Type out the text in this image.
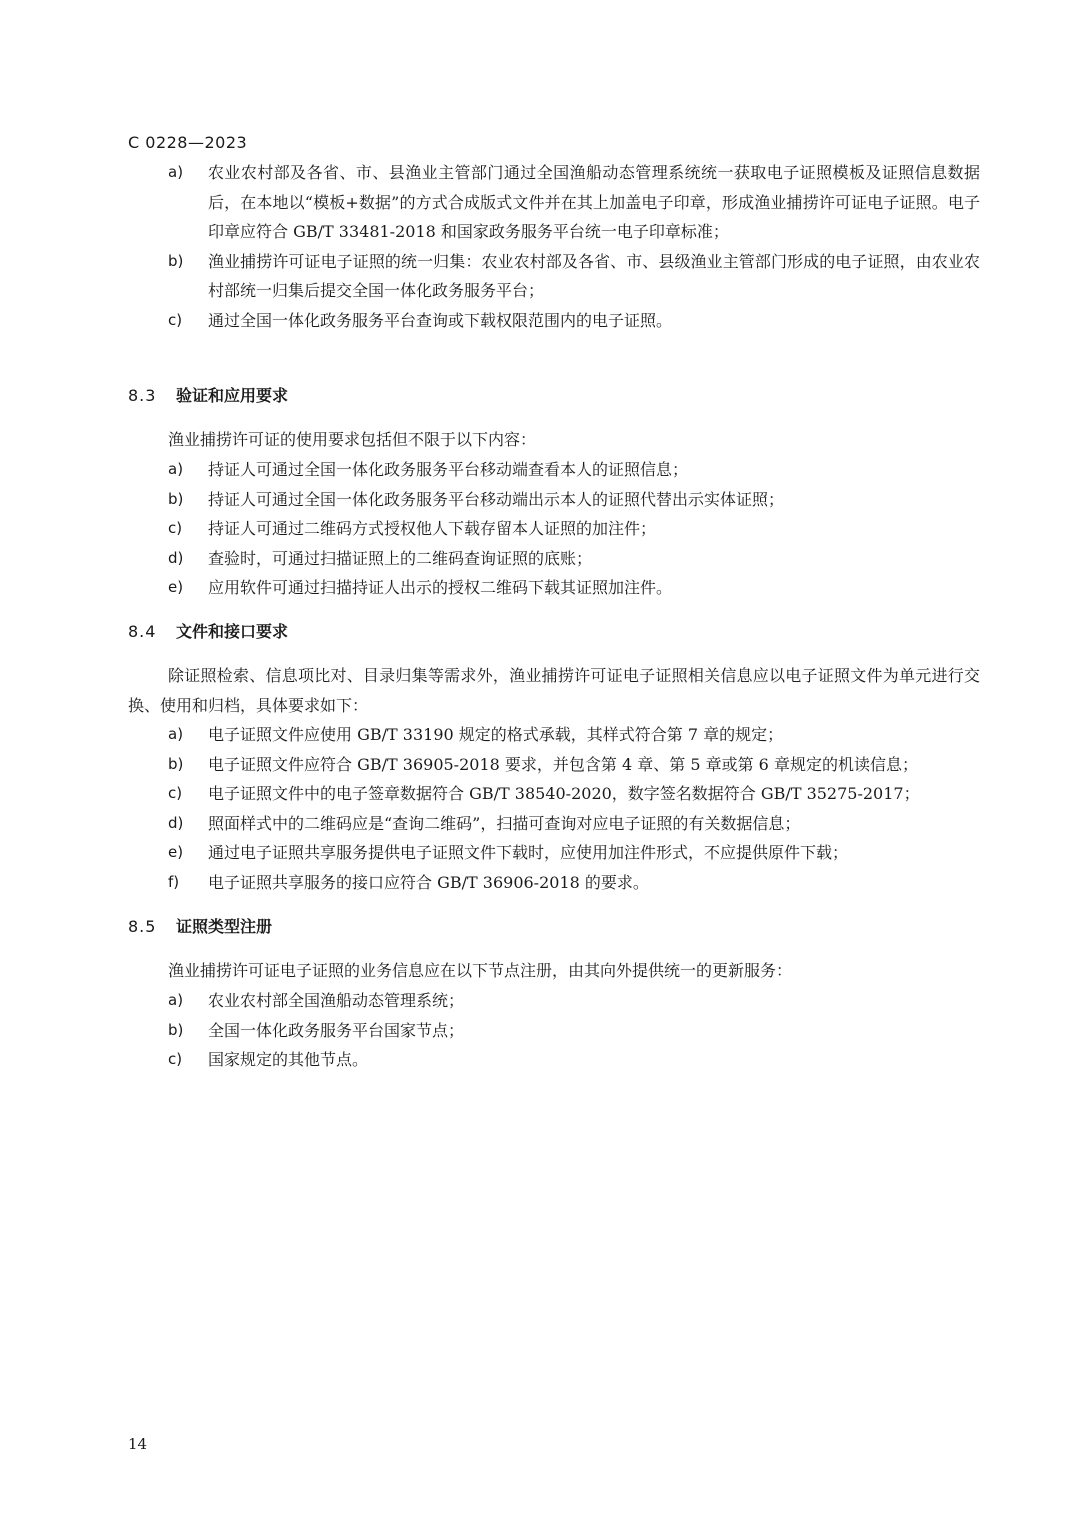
C 0228—2023
a) 农业农村部及各省、市、县渔业主管部门通过全国渔船动态管理系统统一获取电子证照模板及证照信息数据后，在本地以“模板+数据”的方式合成版式文件并在其上加盖电子印章，形成渔业捕捞许可证电子证照。电子印章应符合 GB/T 33481-2018 和国家政务服务平台统一电子印章标准；
b) 渔业捕捞许可证电子证照的统一归集：农业农村部及各省、市、县级渔业主管部门形成的电子证照，由农业农村部统一归集后提交全国一体化政务服务平台；
c) 通过全国一体化政务服务平台查询或下载权限范围内的电子证照。
8.3 验证和应用要求
渔业捕捞许可证的使用要求包括但不限于以下内容：
a) 持证人可通过全国一体化政务服务平台移动端查看本人的证照信息；
b) 持证人可通过全国一体化政务服务平台移动端出示本人的证照代替出示实体证照；
c) 持证人可通过二维码方式授权他人下载存留本人证照的加注件；
d) 查验时，可通过扫描证照上的二维码查询证照的底账；
e) 应用软件可通过扫描持证人出示的授权二维码下载其证照加注件。
8.4 文件和接口要求
除证照检索、信息项比对、目录归集等需求外，渔业捕捞许可证电子证照相关信息应以电子证照文件为单元进行交换、使用和归档，具体要求如下：
a) 电子证照文件应使用 GB/T 33190 规定的格式承载，其样式符合第 7 章的规定；
b) 电子证照文件应符合 GB/T 36905-2018 要求，并包含第 4 章、第 5 章或第 6 章规定的机读信息；
c) 电子证照文件中的电子签章数据符合 GB/T 38540-2020，数字签名数据符合 GB/T 35275-2017；
d) 照面样式中的二维码应是“查询二维码”，扫描可查询对应电子证照的有关数据信息；
e) 通过电子证照共享服务提供电子证照文件下载时，应使用加注件形式，不应提供原件下载；
f) 电子证照共享服务的接口应符合 GB/T 36906-2018 的要求。
8.5 证照类型注册
渔业捕捞许可证电子证照的业务信息应在以下节点注册，由其向外提供统一的更新服务：
a) 农业农村部全国渔船动态管理系统；
b) 全国一体化政务服务平台国家节点；
c) 国家规定的其他节点。
14
